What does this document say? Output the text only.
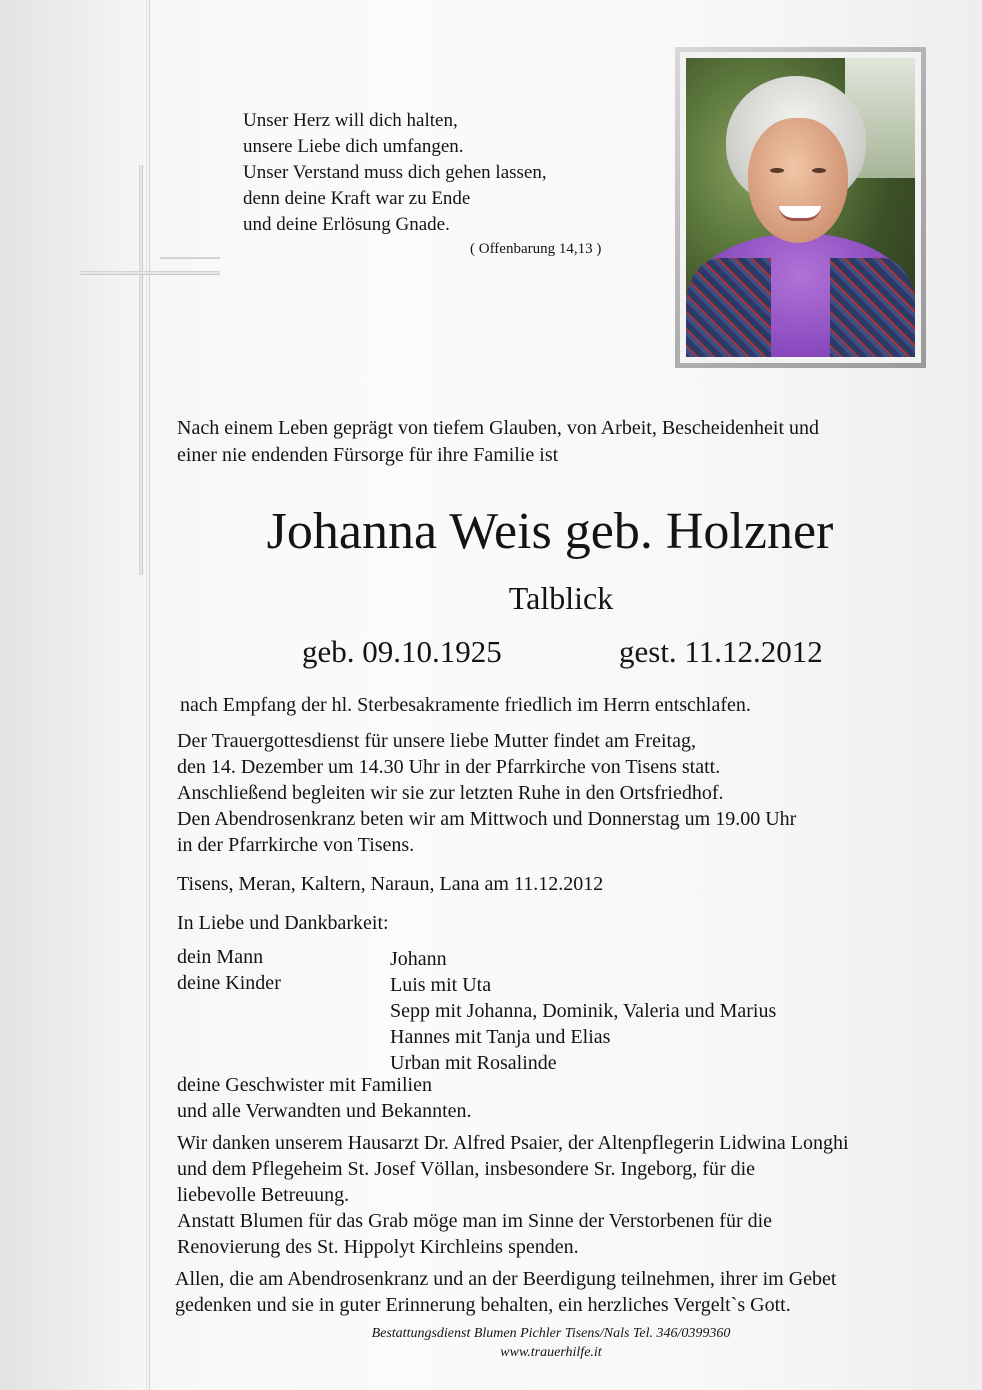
Unser Herz will dich halten,
unsere Liebe dich umfangen.
Unser Verstand muss dich gehen lassen,
denn deine Kraft war zu Ende
und deine Erlösung Gnade.
( Offenbarung 14,13 )
Nach einem Leben geprägt von tiefem Glauben, von Arbeit, Bescheidenheit und
einer nie endenden Fürsorge für ihre Familie ist
Johanna Weis geb. Holzner
Talblick
geb. 09.10.1925	gest. 11.12.2012
nach Empfang der hl. Sterbesakramente friedlich im Herrn entschlafen.
Der Trauergottesdienst für unsere liebe Mutter findet am Freitag,
den 14. Dezember um 14.30 Uhr in der Pfarrkirche von Tisens statt.
Anschließend begleiten wir sie zur letzten Ruhe in den Ortsfriedhof.
Den Abendrosenkranz beten wir am Mittwoch und Donnerstag um 19.00 Uhr
in der Pfarrkirche von Tisens.
Tisens, Meran, Kaltern, Naraun, Lana am 11.12.2012
In Liebe und Dankbarkeit:
dein Mann
deine Kinder
Johann
Luis mit Uta
Sepp mit Johanna, Dominik, Valeria und Marius
Hannes mit Tanja und Elias
Urban mit Rosalinde
deine Geschwister mit Familien
und alle Verwandten und Bekannten.
Wir danken unserem Hausarzt Dr. Alfred Psaier, der Altenpflegerin Lidwina Longhi
und dem Pflegeheim St. Josef Völlan, insbesondere Sr. Ingeborg, für die
liebevolle Betreuung.
Anstatt Blumen für das Grab möge man im Sinne der Verstorbenen für die
Renovierung des St. Hippolyt Kirchleins spenden.
Allen, die am Abendrosenkranz und an der Beerdigung teilnehmen, ihrer im Gebet
gedenken und sie in guter Erinnerung behalten, ein herzliches Vergelt`s Gott.
Bestattungsdienst Blumen Pichler Tisens/Nals Tel. 346/0399360
www.trauerhilfe.it
